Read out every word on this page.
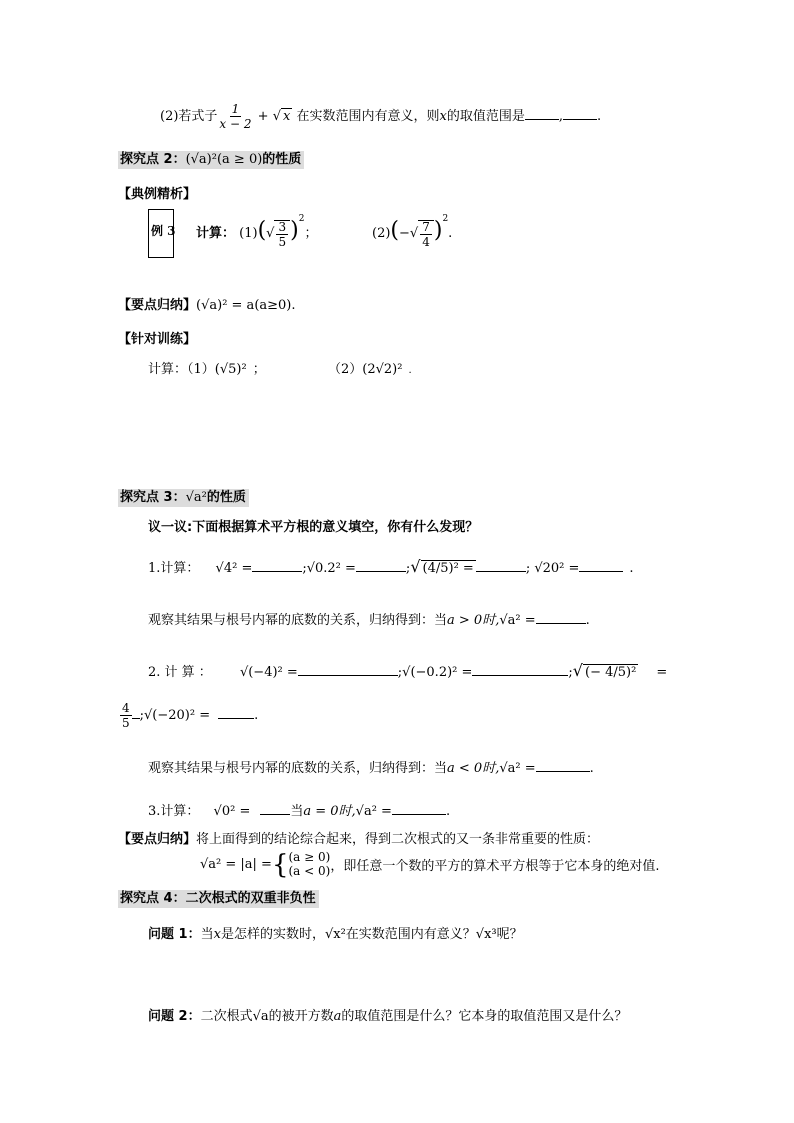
(2)若式子 $\frac{1}{x - 2}$ + √ x 在实数范围内有意义，则x的取值范围是	,	.
探究点 2：(√a)²(a ≥ 0)的性质
【典例精析】
例 3 计算： $(1)(√ \frac{3}{5} )^2$；	$(2)(-√ \frac{7}{4} )^2$.
【要点归纳】(√a)² = a(a≥0).
【针对训练】
计算：（1）(√5)² ；	（2）(2√2)² .
探究点 3：√a²的性质
议一议:下面根据算术平方根的意义填空，你有什么发现？
1.计算： √4² =	;√0.2² =	;√ (4/5)² =	; √20² =	.
观察其结果与根号内幂的底数的关系，归纳得到：当a > 0时,√a² =	.
2. 计 算 ： √(−4)² =	;√(−0.2)² =	;√ (− 4/5)² =
$\frac{4}{5}$ ;√(−20)² =	.
观察其结果与根号内幂的底数的关系，归纳得到：当a < 0时,√a² =	.
3.计算： √0² =	当a = 0时,√a² =	.
【要点归纳】将上面得到的结论综合起来，得到二次根式的又一条非常重要的性质：
√a² = |a| ={ (a ≥ 0)
(a < 0) ，即任意一个数的平方的算术平方根等于它本身的绝对值.
探究点 4：二次根式的双重非负性
问题 1：当x是怎样的实数时，√x²在实数范围内有意义？√x³呢？
问题 2：二次根式√a的被开方数a的取值范围是什么？它本身的取值范围又是什么？
